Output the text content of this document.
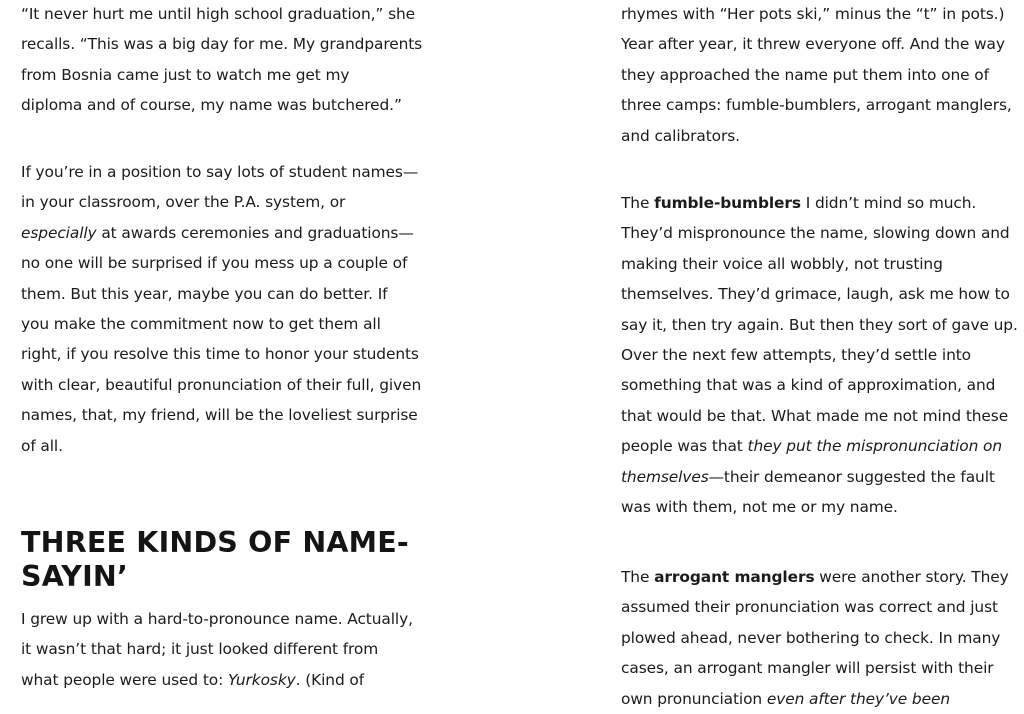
“It never hurt me until high school graduation,” she

recalls. “This was a big day for me. My grandparents

from Bosnia came just to watch me get my

diploma and of course, my name was butchered.”

If you’re in a position to say lots of student names—

in your classroom, over the P.A. system, or

especially at awards ceremonies and graduations—

no one will be surprised if you mess up a couple of

them. But this year, maybe you can do better. If

you make the commitment now to get them all

right, if you resolve this time to honor your students

with clear, beautiful pronunciation of their full, given

names, that, my friend, will be the loveliest surprise

of all.

THREE KINDS OF NAME-
SAYIN’

I grew up with a hard-to-pronounce name. Actually,

it wasn’t that hard; it just looked different from

what people were used to: Yurkosky. (Kind of

rhymes with “Her pots ski,” minus the “t” in pots.)

Year after year, it threw everyone off. And the way

they approached the name put them into one of

three camps: fumble-bumblers, arrogant manglers,

and calibrators.

The fumble-bumblers I didn’t mind so much.

They’d mispronounce the name, slowing down and

making their voice all wobbly, not trusting

themselves. They’d grimace, laugh, ask me how to

say it, then try again. But then they sort of gave up.

Over the next few attempts, they’d settle into

something that was a kind of approximation, and

that would be that. What made me not mind these

people was that they put the mispronunciation on

themselves—their demeanor suggested the fault

was with them, not me or my name.

The arrogant manglers were another story. They

assumed their pronunciation was correct and just

plowed ahead, never bothering to check. In many

cases, an arrogant mangler will persist with their

own pronunciation even after they’ve been
